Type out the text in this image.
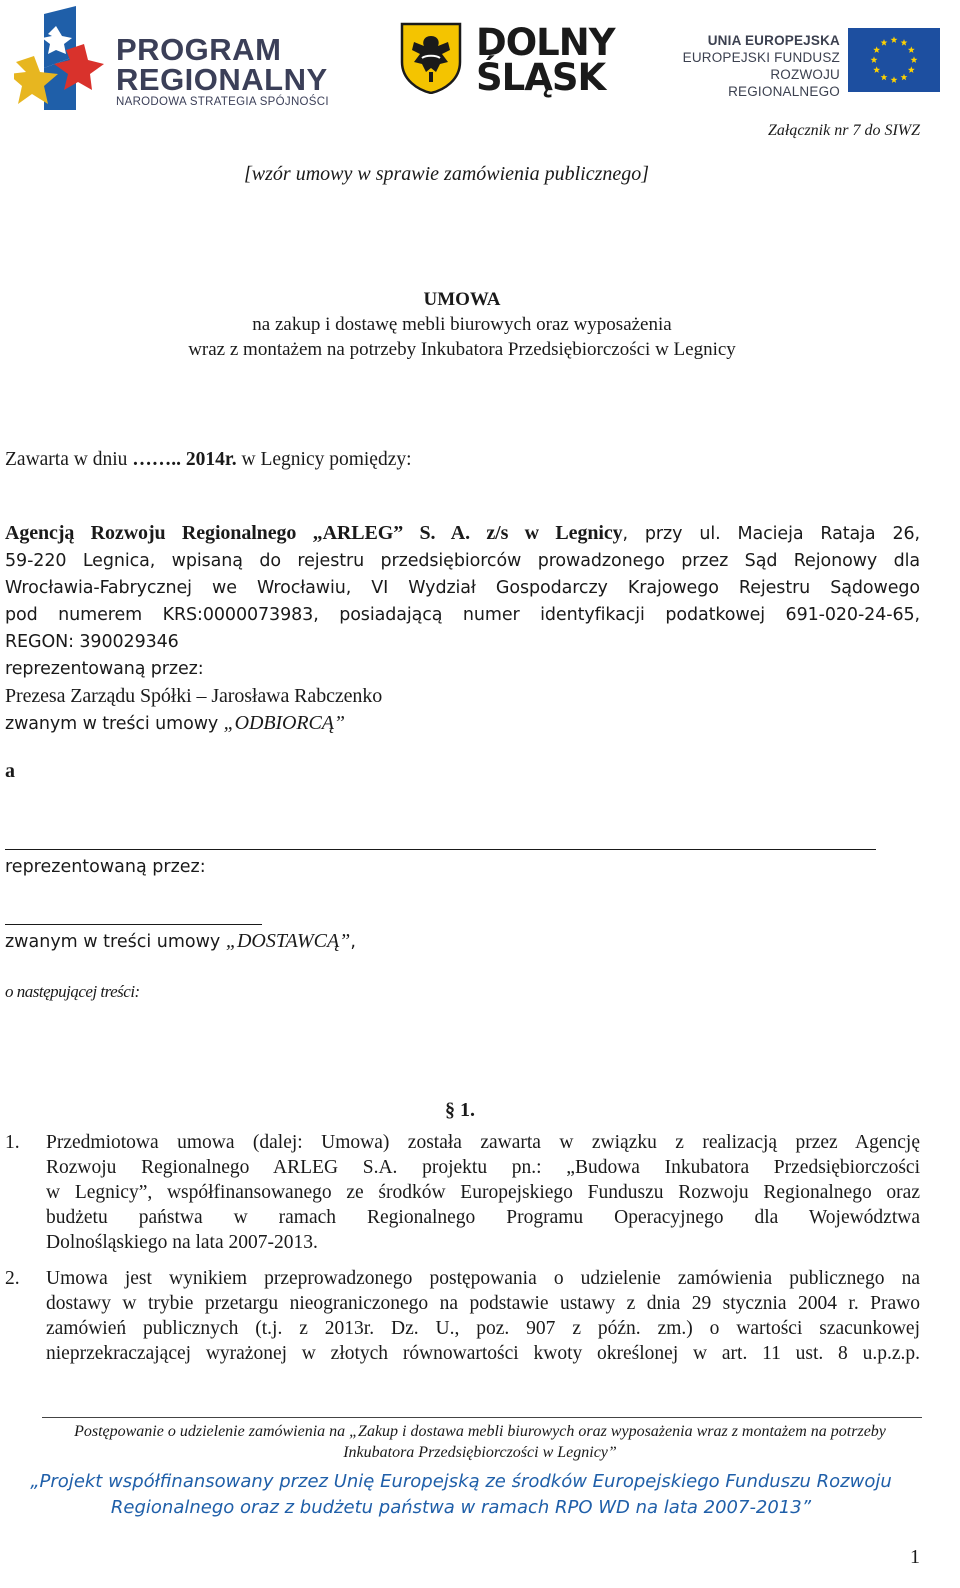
PROGRAM
REGIONALNY
NARODOWA STRATEGIA SPÓJNOŚCI
DOLNY
ŚLĄSK
UNIA EUROPEJSKA
EUROPEJSKI FUNDUSZ
ROZWOJU REGIONALNEGO
Załącznik nr 7 do SIWZ
[wzór umowy w sprawie zamówienia publicznego]
UMOWA
na zakup i dostawę mebli biurowych oraz wyposażenia
wraz z montażem na potrzeby Inkubatora Przedsiębiorczości w Legnicy
Zawarta w dniu …….. 2014r. w Legnicy pomiędzy:
Agencją Rozwoju Regionalnego „ARLEG” S. A. z/s w Legnicy, przy ul. Macieja Rataja 26,
59-220 Legnica, wpisaną do rejestru przedsiębiorców prowadzonego przez Sąd Rejonowy dla
Wrocławia-Fabrycznej we Wrocławiu, VI Wydział Gospodarczy Krajowego Rejestru Sądowego
pod numerem KRS:0000073983, posiadającą numer identyfikacji podatkowej 691-020-24-65,
REGON: 390029346
reprezentowaną przez:
Prezesa Zarządu Spółki – Jarosława Rabczenko
zwanym w treści umowy „ODBIORCĄ”
a
reprezentowaną przez:
zwanym w treści umowy „DOSTAWCĄ”,
o następującej treści:
§ 1.
1. Przedmiotowa umowa (dalej: Umowa) została zawarta w związku z realizacją przez Agencję
Rozwoju Regionalnego ARLEG S.A. projektu pn.: „Budowa Inkubatora Przedsiębiorczości
w Legnicy”, współfinansowanego ze środków Europejskiego Funduszu Rozwoju Regionalnego oraz
budżetu państwa w ramach Regionalnego Programu Operacyjnego dla Województwa
Dolnośląskiego na lata 2007-2013.
2. Umowa jest wynikiem przeprowadzonego postępowania o udzielenie zamówienia publicznego na
dostawy w trybie przetargu nieograniczonego na podstawie ustawy z dnia 29 stycznia 2004 r. Prawo
zamówień publicznych (t.j. z 2013r. Dz. U., poz. 907 z późn. zm.) o wartości szacunkowej
nieprzekraczającej wyrażonej w złotych równowartości kwoty określonej w art. 11 ust. 8 u.p.z.p.
Postępowanie o udzielenie zamówienia na „Zakup i dostawa mebli biurowych oraz wyposażenia wraz z montażem na potrzeby
Inkubatora Przedsiębiorczości w Legnicy”
„Projekt współfinansowany przez Unię Europejską ze środków Europejskiego Funduszu Rozwoju
Regionalnego oraz z budżetu państwa w ramach RPO WD na lata 2007-2013”
1
